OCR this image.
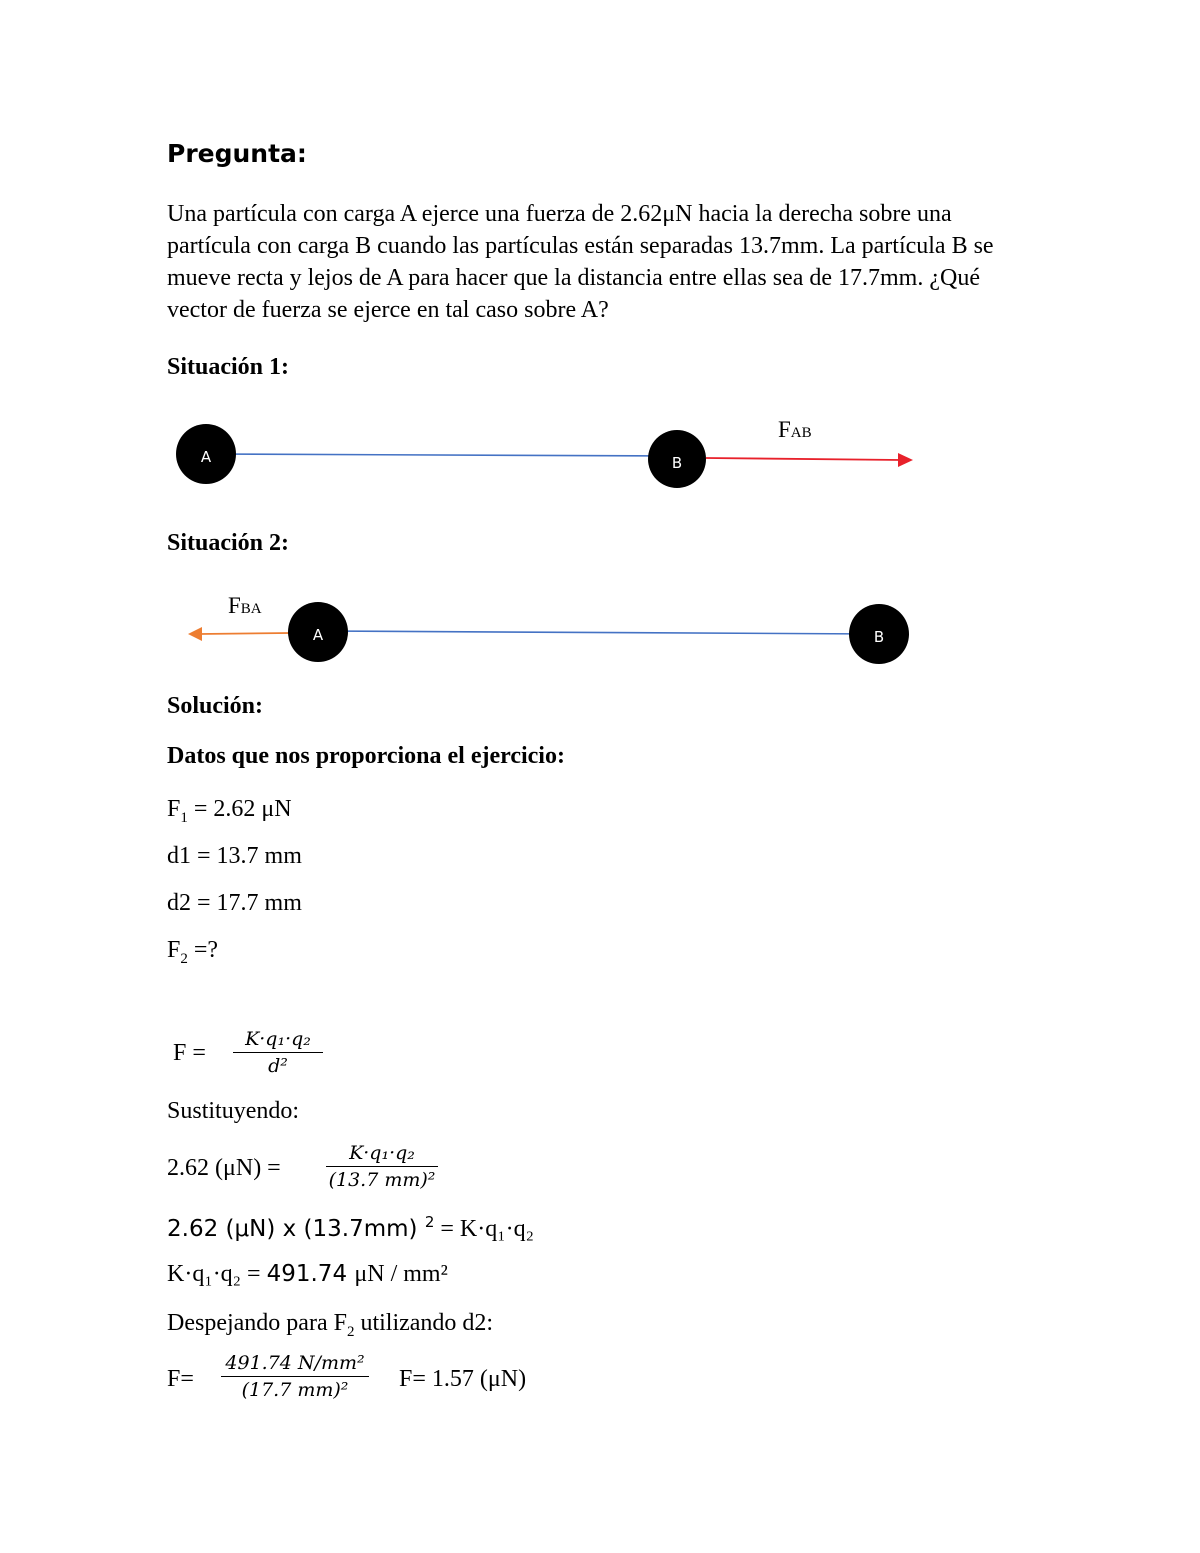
Pregunta:
Una partícula con carga A ejerce una fuerza de 2.62μN hacia la derecha sobre una partícula con carga B cuando las partículas están separadas 13.7mm. La partícula B se mueve recta y lejos de A para hacer que la distancia entre ellas sea de 17.7mm. ¿Qué vector de fuerza se ejerce en tal caso sobre A?
Situación 1:
A	B
FAB
A	B
FBA
Situación 2:
Solución:
Datos que nos proporciona el ejercicio:
$F_1 = 2.62$ μN
d1 = 13.7 mm
d2 = 17.7 mm
$F_2$ =?
F =
K·q₁·q₂
d²
Sustituyendo:
2.62 (μN) =
K·q₁·q₂
(13.7 mm)²
2.62 (μN) x (13.7mm) $^2$ = K·q₁·q₂
K·q₁·q₂ = 491.74 μN / mm²
Despejando para $F_2$ utilizando d2:
F=
491.74 N/mm²
(17.7 mm)²	F= 1.57 (μN)
